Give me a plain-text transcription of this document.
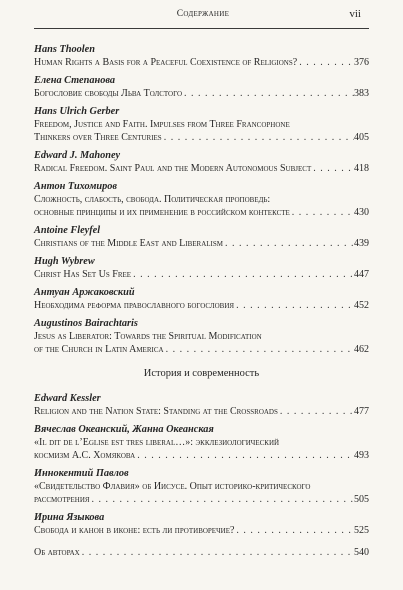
Содержание	vii
Hans Thoolen
Human Rights a Basis for a Peaceful Coexistence of Religions? . . .	376
Елена Степанова
Богословие свободы Льва Толстого . . .	383
Hans Ulrich Gerber
Freedom, Justice and Faith. Impulses from Three Francophone
Thinkers over Three Centuries . . .	405
Edward J. Mahoney
Radical Freedom. Saint Paul and the Modern Autonomous Subject . . .	418
Антон Тихомиров
Сложность, слабость, свобода. Политическая проповедь:
основные принципы и их применение в российском контексте . . .	430
Antoine Fleyfel
Christians of the Middle East and Liberalism . . .	439
Hugh Wybrew
Christ Has Set Us Free . . .	447
Антуан Аржаковский
Необходима реформа православного богословия . . .	452
Augustinos Bairachtaris
Jesus as Liberator: Towards the Spiritual Modification
of the Church in Latin America . . .	462
История и современность
Edward Kessler
Religion and the Nation State: Standing at the Crossroads . . .	477
Вячеслав Океанский, Жанна Океанская
«Il dit de l’Eglise est tres liberal…»: экклезиологический
космизм А.С. Хомякова . . .	493
Иннокентий Павлов
«Свидетельство Флавия» об Иисусе. Опыт историко-критического
рассмотрения . . .	505
Ирина Языкова
Свобода и канон в иконе: есть ли противоречие? . . .	525
Об авторах . . .	540
